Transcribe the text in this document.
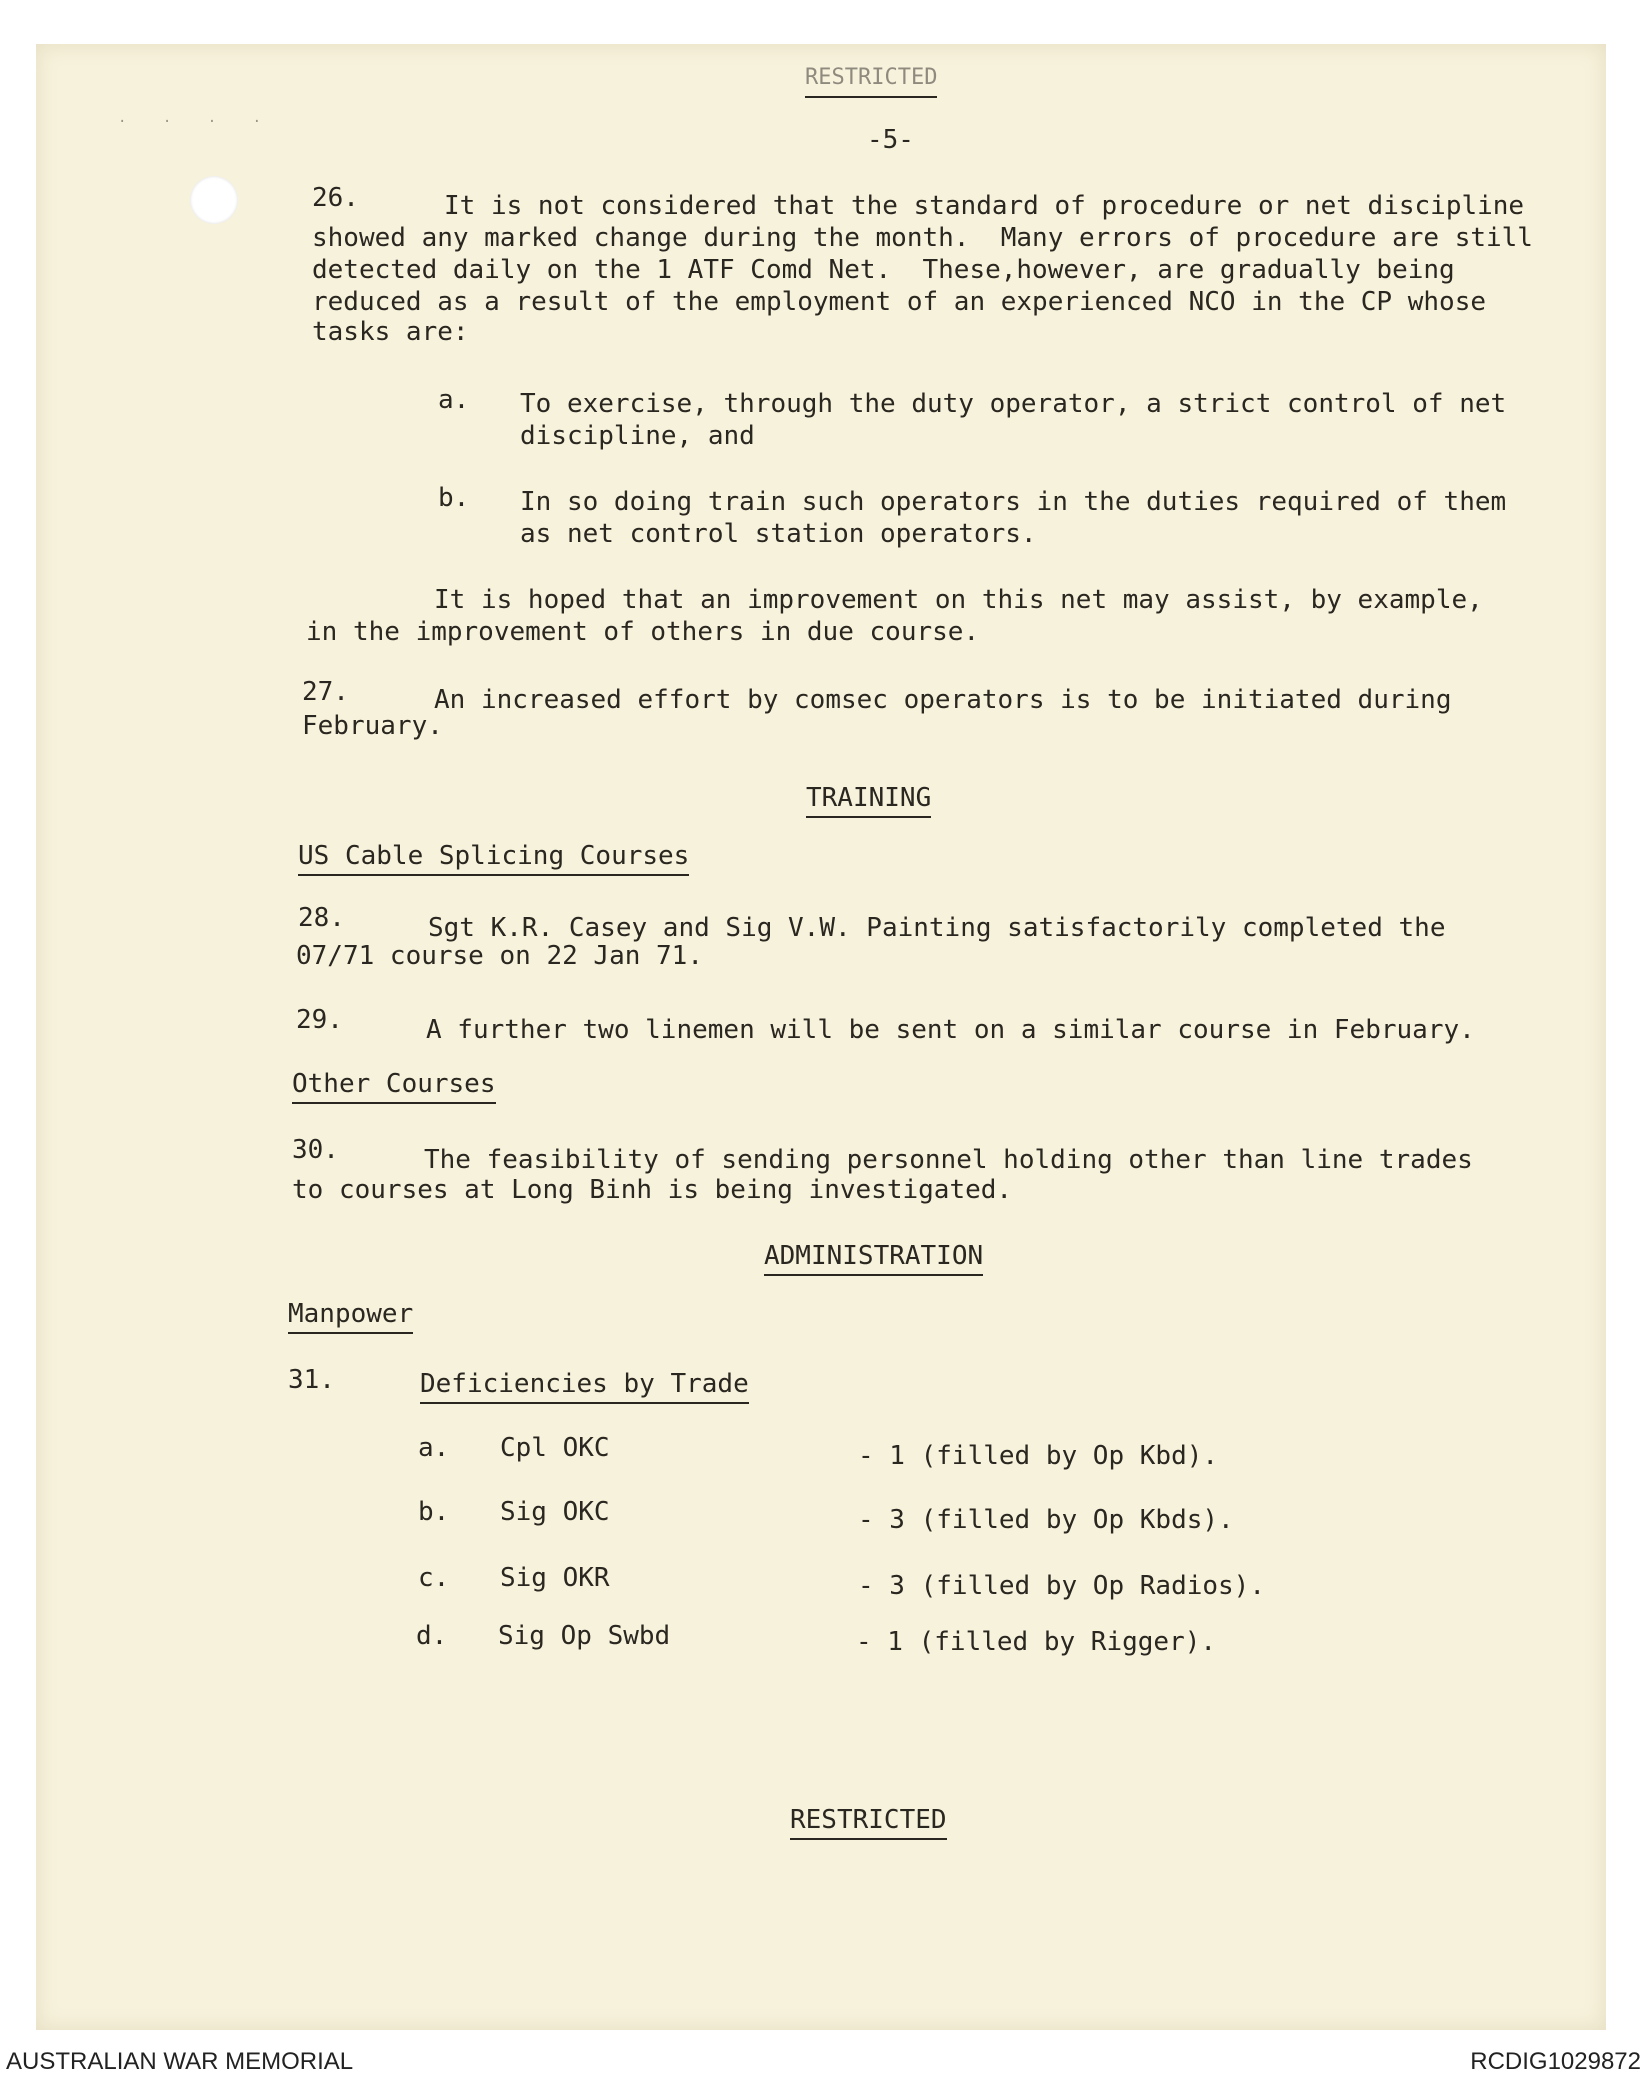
. . . .
RESTRICTED
-5-
26.	It is not considered that the standard of procedure or net discipline
showed any marked change during the month.  Many errors of procedure are still
detected daily on the 1 ATF Comd Net.  These,however, are gradually being
reduced as a result of the employment of an experienced NCO in the CP whose
tasks are:
a. To exercise, through the duty operator, a strict control of net
discipline, and
b. In so doing train such operators in the duties required of them
as net control station operators.
It is hoped that an improvement on this net may assist, by example,
in the improvement of others in due course.
27.	An increased effort by comsec operators is to be initiated during
February.
TRAINING
US Cable Splicing Courses
28.	Sgt K.R. Casey and Sig V.W. Painting satisfactorily completed the
07/71 course on 22 Jan 71.
29.	A further two linemen will be sent on a similar course in February.
Other Courses
30.	The feasibility of sending personnel holding other than line trades
to courses at Long Binh is being investigated.
ADMINISTRATION
Manpower
31.	Deficiencies by Trade
a. Cpl OKC	- 1 (filled by Op Kbd).
b. Sig OKC	- 3 (filled by Op Kbds).
c. Sig OKR	- 3 (filled by Op Radios).
d. Sig Op Swbd	- 1 (filled by Rigger).
RESTRICTED
AUSTRALIAN WAR MEMORIAL	RCDIG1029872
